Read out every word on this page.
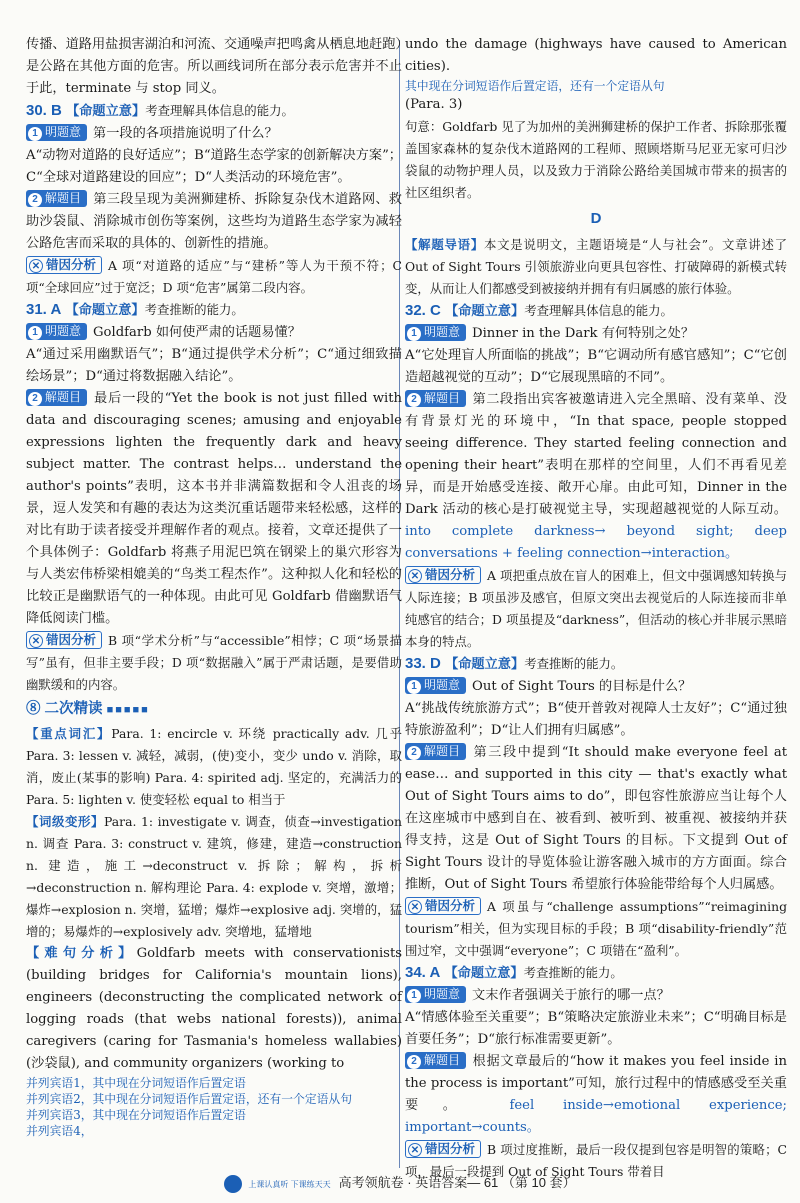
传播、道路用盐损害湖泊和河流、交通噪声把鸣禽从栖息地赶跑）是公路在其他方面的危害。所以画线词所在部分表示危害并不止于此，terminate 与 stop 同义。

30. B 【命题立意】考查理解具体信息的能力。

1 明题意 第一段的各项措施说明了什么？

A“动物对道路的良好适应”；B“道路生态学家的创新解决方案”；C“全球对道路建设的回应”；D“人类活动的环境危害”。

2 解题目 第三段呈现为美洲狮建桥、拆除复杂伐木道路网、救助沙袋鼠、消除城市创伤等案例，这些均为道路生态学家为减轻公路危害而采取的具体的、创新性的措施。

✕ 错因分析 A 项“对道路的适应”与“建桥”等人为干预不符；C 项“全球回应”过于宽泛；D 项“危害”属第二段内容。

31. A 【命题立意】考查推断的能力。

1 明题意 Goldfarb 如何使严肃的话题易懂？

A“通过采用幽默语气”；B“通过提供学术分析”；C“通过细致描绘场景”；D“通过将数据融入结论”。

2 解题目 最后一段的“Yet the book is not just filled with data and discouraging scenes; amusing and enjoyable expressions lighten the frequently dark and heavy subject matter. The contrast helps… understand the author's points”表明，这本书并非满篇数据和令人沮丧的场景，逗人发笑和有趣的表达为这类沉重话题带来轻松感，这样的对比有助于读者接受并理解作者的观点。接着，文章还提供了一个具体例子：Goldfarb 将燕子用泥巴筑在钢梁上的巢穴形容为与人类宏伟桥梁相媲美的“鸟类工程杰作”。这种拟人化和轻松的比较正是幽默语气的一种体现。由此可见 Goldfarb 借幽默语气降低阅读门槛。

✕ 错因分析 B 项“学术分析”与“accessible”相悖；C 项“场景描写”虽有，但非主要手段；D 项“数据融入”属于严肃话题，是要借助幽默缓和的内容。

⑧ 二次精读 ■■■■■

【重点词汇】Para. 1: encircle v. 环绕 practically adv. 几乎 Para. 3: lessen v. 减轻，减弱，(使)变小，变少 undo v. 消除，取消，废止(某事的影响) Para. 4: spirited adj. 坚定的，充满活力的 Para. 5: lighten v. 使变轻松 equal to 相当于

【词级变形】Para. 1: investigate v. 调查，侦查→investigation n. 调查 Para. 3: construct v. 建筑，修建，建造→construction n. 建造，施工→deconstruct v. 拆除；解构，拆析→deconstruction n. 解构理论 Para. 4: explode v. 突增，激增；爆炸→explosion n. 突增，猛增；爆炸→explosive adj. 突增的，猛增的；易爆炸的→explosively adv. 突增地，猛增地

【难句分析】Goldfarb meets with conservationists (building bridges for California's mountain lions), engineers (deconstructing the complicated network of logging roads (that webs national forests)), animal caregivers (caring for Tasmania's homeless wallabies)(沙袋鼠), and community organizers (working to

并列宾语1，其中现在分词短语作后置定语

并列宾语2，其中现在分词短语作后置定语，还有一个定语从句

并列宾语3，其中现在分词短语作后置定语

并列宾语4，

undo the damage (highways have caused to American cities).

其中现在分词短语作后置定语，还有一个定语从句

(Para. 3)

句意：Goldfarb 见了为加州的美洲狮建桥的保护工作者、拆除那张覆盖国家森林的复杂伐木道路网的工程师、照顾塔斯马尼亚无家可归沙袋鼠的动物护理人员，以及致力于消除公路给美国城市带来的损害的社区组织者。

D

【解题导语】本文是说明文，主题语境是“人与社会”。文章讲述了 Out of Sight Tours 引领旅游业向更具包容性、打破障碍的新模式转变，从而让人们都感受到被接纳并拥有有归属感的旅行体验。

32. C 【命题立意】考查理解具体信息的能力。

1 明题意 Dinner in the Dark 有何特别之处？

A“它处理盲人所面临的挑战”；B“它调动所有感官感知”；C“它创造超越视觉的互动”；D“它展现黑暗的不同”。

2 解题目 第二段指出宾客被邀请进入完全黑暗、没有菜单、没有背景灯光的环境中，“In that space, people stopped seeing difference. They started feeling connection and opening their heart”表明在那样的空间里，人们不再看见差异，而是开始感受连接、敞开心扉。由此可知，Dinner in the Dark 活动的核心是打破视觉主导，实现超越视觉的人际互动。 into complete darkness→ beyond sight; deep conversations + feeling connection→interaction。

✕ 错因分析 A 项把重点放在盲人的困难上，但文中强调感知转换与人际连接；B 项虽涉及感官，但原文突出去视觉后的人际连接而非单纯感官的结合；D 项虽提及“darkness”，但活动的核心并非展示黑暗本身的特点。

33. D 【命题立意】考查推断的能力。

1 明题意 Out of Sight Tours 的目标是什么？

A“挑战传统旅游方式”；B“使开普敦对视障人士友好”；C“通过独特旅游盈利”；D“让人们拥有归属感”。

2 解题目 第三段中提到“It should make everyone feel at ease… and supported in this city — that's exactly what Out of Sight Tours aims to do”，即包容性旅游应当让每个人在这座城市中感到自在、被看到、被听到、被重视、被接纳并获得支持，这是 Out of Sight Tours 的目标。下文提到 Out of Sight Tours 设计的导览体验让游客融入城市的方方面面。综合推断，Out of Sight Tours 希望旅行体验能带给每个人归属感。

✕ 错因分析 A 项虽与“challenge assumptions”“reimagining tourism”相关，但为实现目标的手段；B 项“disability-friendly”范围过窄，文中强调“everyone”；C 项错在“盈利”。

34. A 【命题立意】考查推断的能力。

1 明题意 文末作者强调关于旅行的哪一点？

A“情感体验至关重要”；B“策略决定旅游业未来”；C“明确目标是首要任务”；D“旅行标准需要更新”。

2 解题目 根据文章最后的“how it makes you feel inside in the process is important”可知，旅行过程中的情感感受至关重要。 feel inside→emotional experience; important→counts。

✕ 错因分析 B 项过度推断，最后一段仅提到包容是明智的策略；C 项，最后一段提到 Out of Sight Tours 带着目

上课认真听 下课练天天 高考领航卷 · 英语答案— 61 （第 10 套）
